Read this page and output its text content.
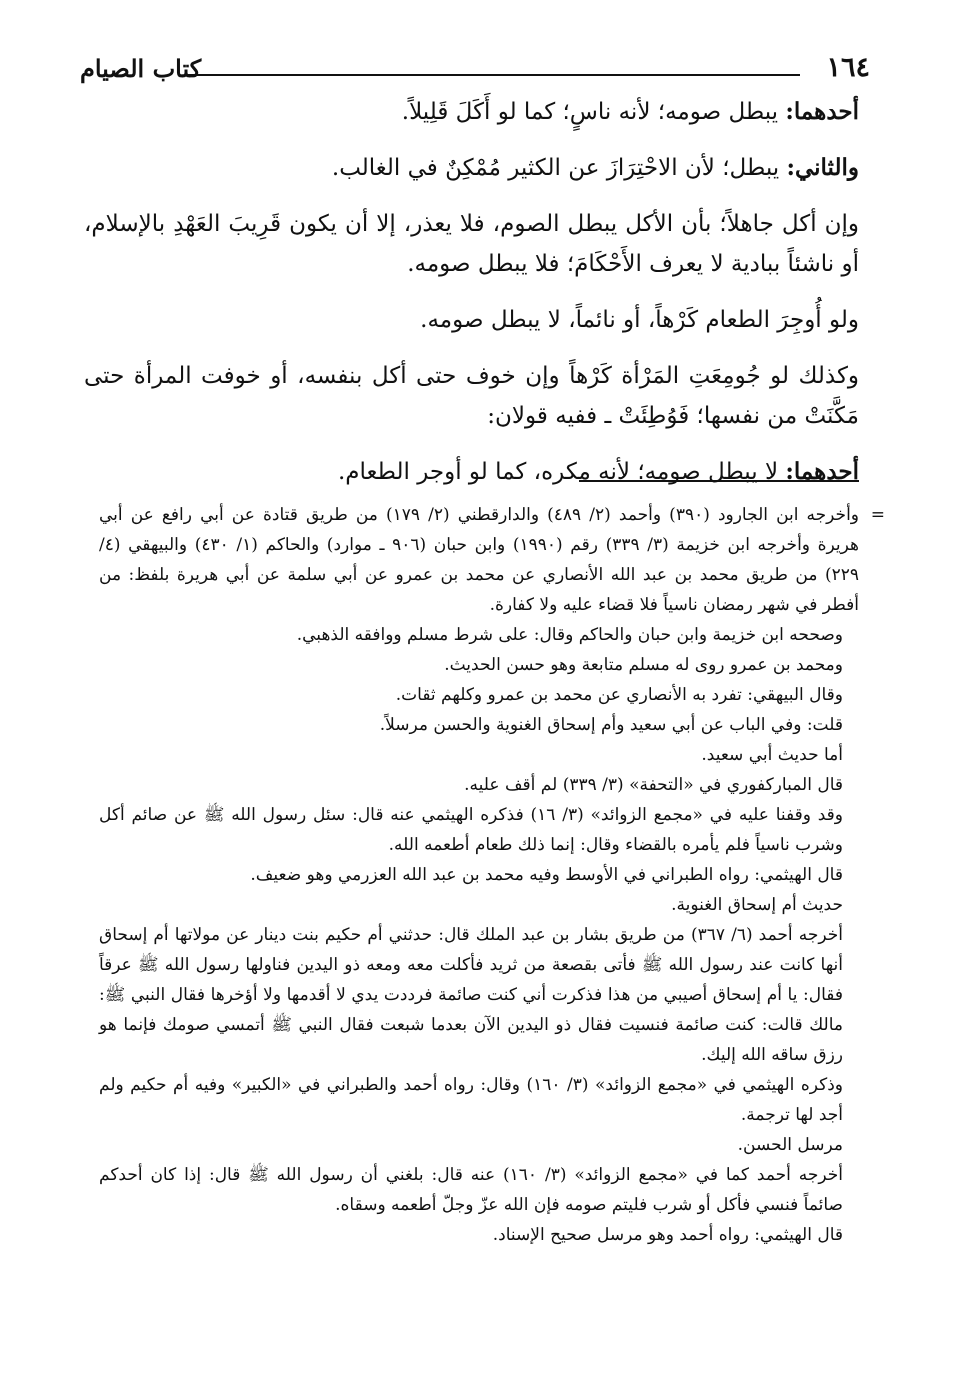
١٦٤
كتاب الصيام

أحدهما: يبطل صومه؛ لأنه ناسٍ؛ كما لو أَكَلَ قَلِيلاً.

والثاني: يبطل؛ لأن الاحْتِرَازَ عن الكثير مُمْكِنٌ في الغالب.

وإن أكل جاهلاً؛ بأن الأكل يبطل الصوم، فلا يعذر، إلا أن يكون قَرِيبَ العَهْدِ بالإسلام، أو ناشئاً ببادية لا يعرف الأَحْكَامَ؛ فلا يبطل صومه.

ولو أُوجِرَ الطعام كَرْهاً، أو نائماً، لا يبطل صومه.

وكذلك لو جُومِعَتِ المَرْأة كَرْهاً وإن خوف حتى أكل بنفسه، أو خوفت المرأة حتى مَكَّنَتْ من نفسها؛ فَوُطِئَتْ ـ ففيه قولان:

أحدهما: لا يبطل صومه؛ لأنه مكره، كما لو أوجر الطعام.

=

وأخرجه ابن الجارود (٣٩٠) وأحمد (٢/ ٤٨٩) والدارقطني (٢/ ١٧٩) من طريق قتادة عن أبي رافع عن أبي هريرة وأخرجه ابن خزيمة (٣/ ٣٣٩) رقم (١٩٩٠) وابن حبان (٩٠٦ ـ موارد) والحاكم (١/ ٤٣٠) والبيهقي (٤/ ٢٢٩) من طريق محمد بن عبد الله الأنصاري عن محمد بن عمرو عن أبي سلمة عن أبي هريرة بلفظ: من أفطر في شهر رمضان ناسياً فلا قضاء عليه ولا كفارة.

وصححه ابن خزيمة وابن حبان والحاكم وقال: على شرط مسلم ووافقه الذهبي.

ومحمد بن عمرو روى له مسلم متابعة وهو حسن الحديث.

وقال البيهقي: تفرد به الأنصاري عن محمد بن عمرو وكلهم ثقات.

قلت: وفي الباب عن أبي سعيد وأم إسحاق الغنوية والحسن مرسلاً.

أما حديث أبي سعيد.

قال المباركفوري في «التحفة» (٣/ ٣٣٩) لم أقف عليه.

وقد وقفنا عليه في «مجمع الزوائد» (٣/ ١٦) فذكره الهيثمي عنه قال: سئل رسول الله ﷺ عن صائم أكل وشرب ناسياً فلم يأمره بالقضاء وقال: إنما ذلك طعام أطعمه الله.

قال الهيثمي: رواه الطبراني في الأوسط وفيه محمد بن عبد الله العزرمي وهو ضعيف.

حديث أم إسحاق الغنوية.

أخرجه أحمد (٦/ ٣٦٧) من طريق بشار بن عبد الملك قال: حدثني أم حكيم بنت دينار عن مولاتها أم إسحاق أنها كانت عند رسول الله ﷺ فأتى بقصعة من ثريد فأكلت معه ومعه ذو اليدين فناولها رسول الله ﷺ عرقاً فقال: يا أم إسحاق أصيبي من هذا فذكرت أني كنت صائمة فرددت يدي لا أقدمها ولا أؤخرها فقال النبي ﷺ: مالك قالت: كنت صائمة فنسيت فقال ذو اليدين الآن بعدما شبعت فقال النبي ﷺ أتمسي صومك فإنما هو رزق ساقه الله إليك.

وذكره الهيثمي في «مجمع الزوائد» (٣/ ١٦٠) وقال: رواه أحمد والطبراني في «الكبير» وفيه أم حكيم ولم أجد لها ترجمة.

مرسل الحسن.

أخرجه أحمد كما في «مجمع الزوائد» (٣/ ١٦٠) عنه قال: بلغني أن رسول الله ﷺ قال: إذا كان أحدكم صائماً فنسي فأكل أو شرب فليتم صومه فإن الله عزّ وجلّ أطعمه وسقاه.

قال الهيثمي: رواه أحمد وهو مرسل صحيح الإسناد.
